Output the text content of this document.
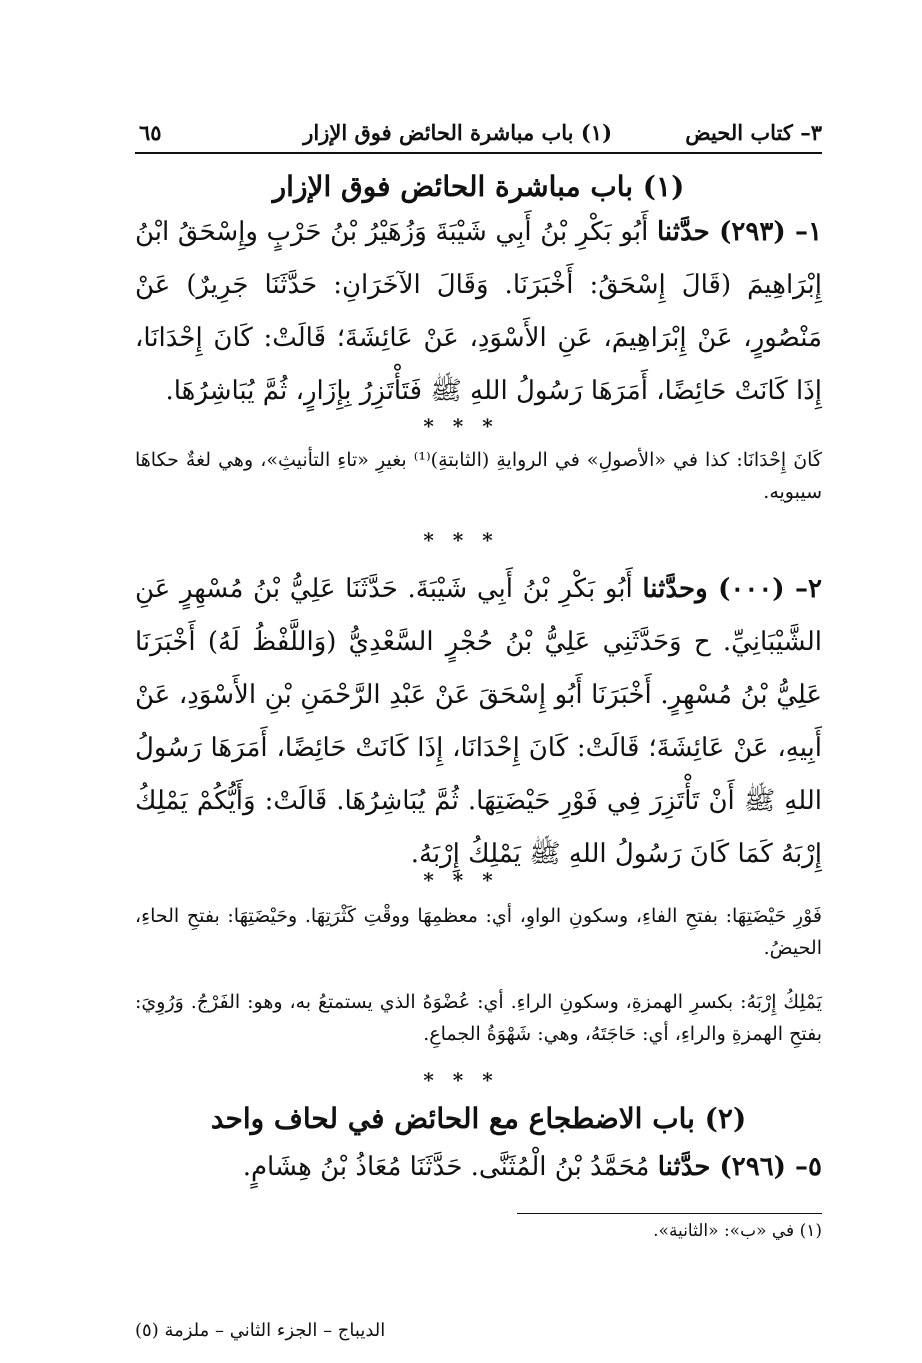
٣– كتاب الحيض
(١) باب مباشرة الحائض فوق الإزار
٦٥
(١) باب مباشرة الحائض فوق الإزار
١– (٢٩٣) حدَّثنا أَبُو بَكْرِ بْنُ أَبِي شَيْبَةَ وَزُهَيْرُ بْنُ حَرْبٍ وإِسْحَقُ ابْنُ إِبْرَاهِيمَ (قَالَ إِسْحَقُ: أَخْبَرَنَا. وَقَالَ الآخَرَانِ: حَدَّثَنَا جَرِيرٌ) عَنْ مَنْصُورٍ، عَنْ إِبْرَاهِيمَ، عَنِ الأَسْوَدِ، عَنْ عَائِشَةَ؛ قَالَتْ: كَانَ إِحْدَانَا، إِذَا كَانَتْ حَائِضًا، أَمَرَهَا رَسُولُ اللهِ ﷺ فَتَأْتَزِرُ بِإِزَارٍ، ثُمَّ يُبَاشِرُهَا.
* * *
كَانَ إِحْدَانَا: كذا في «الأصولِ» في الروايةِ (الثابتةِ)⁽¹⁾ بغيرِ «تاءِ التأنيثِ»، وهي لغةٌ حكاهَا سيبويه.
* * *
٢– (٠٠٠) وحدَّثنا أَبُو بَكْرِ بْنُ أَبِي شَيْبَةَ. حَدَّثَنَا عَلِيُّ بْنُ مُسْهِرٍ عَنِ الشَّيْبَانِيِّ. ح وَحَدَّثَنِي عَلِيُّ بْنُ حُجْرٍ السَّعْدِيُّ (وَاللَّفْظُ لَهُ) أَخْبَرَنَا عَلِيُّ بْنُ مُسْهِرٍ. أَخْبَرَنَا أَبُو إِسْحَقَ عَنْ عَبْدِ الرَّحْمَنِ بْنِ الأَسْوَدِ، عَنْ أَبِيهِ، عَنْ عَائِشَةَ؛ قَالَتْ: كَانَ إِحْدَانَا، إِذَا كَانَتْ حَائِضًا، أَمَرَهَا رَسُولُ اللهِ ﷺ أَنْ تَأْتَزِرَ فِي فَوْرِ حَيْضَتِهَا. ثُمَّ يُبَاشِرُهَا. قَالَتْ: وَأَيُّكُمْ يَمْلِكُ إِرْبَهُ كَمَا كَانَ رَسُولُ اللهِ ﷺ يَمْلِكُ إِرْبَهُ.
* * *
فَوْرِ حَيْضَتِهَا: بفتحِ الفاءِ، وسكونِ الواوِ، أي: معظمِهَا ووقْتِ كَثْرَتِهَا. وحَيْضَتِهَا: بفتحِ الحاءِ، الحيضُ.
يَمْلِكُ إِرْبَهُ: بكسرِ الهمزةِ، وسكونِ الراءِ. أي: عُضْوَهُ الذي يستمتعُ به، وهو: الفَرْجُ. وَرُوِيَ: بفتحِ الهمزةِ والراءِ، أي: حَاجَتَهُ، وهي: شَهْوَةُ الجماعِ.
* * *
(٢) باب الاضطجاع مع الحائض في لحاف واحد
٥– (٢٩٦) حدَّثنا مُحَمَّدُ بْنُ الْمُثَنَّى. حَدَّثَنَا مُعَاذُ بْنُ هِشَامٍ.
(١) في «ب»: «الثانية».
الديباج – الجزء الثاني – ملزمة (٥)
